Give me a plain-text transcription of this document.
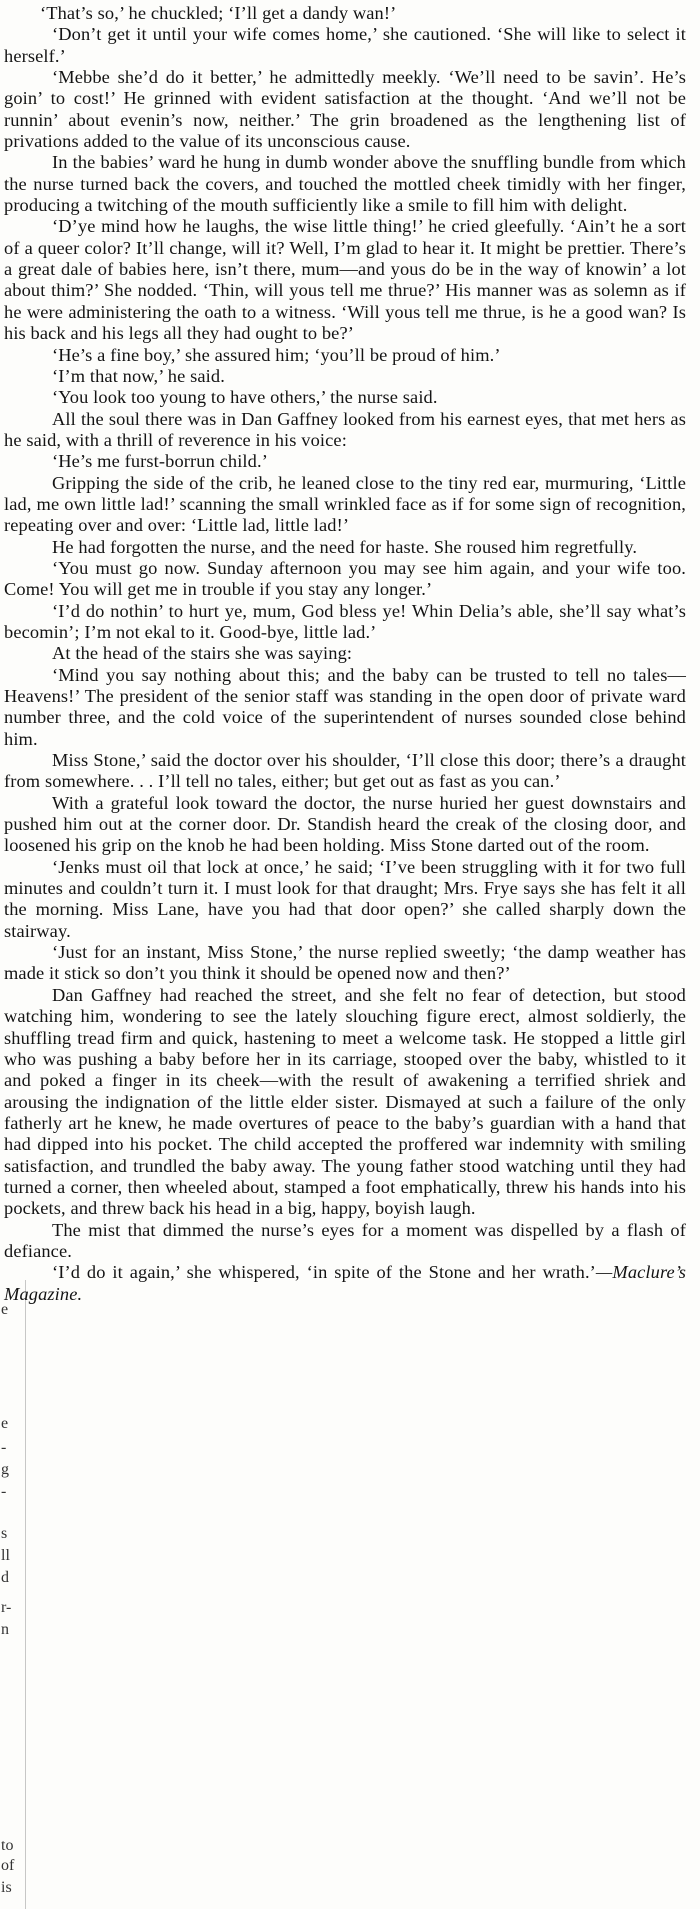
e
e
-
g
-
s
ll
d
r-
n
to
of
is

‘That’s so,’ he chuckled; ‘I’ll get a dandy wan!’

‘Don’t get it until your wife comes home,’ she cautioned. ‘She will like to select it herself.’

‘Mebbe she’d do it better,’ he admittedly meekly. ‘We’ll need to be savin’. He’s goin’ to cost!’ He grinned with evident satisfaction at the thought. ‘And we’ll not be runnin’ about evenin’s now, neither.’ The grin broadened as the lengthening list of privations added to the value of its unconscious cause.

In the babies’ ward he hung in dumb wonder above the snuffling bundle from which the nurse turned back the covers, and touched the mottled cheek timidly with her finger, producing a twitching of the mouth sufficiently like a smile to fill him with delight.

‘D’ye mind how he laughs, the wise little thing!’ he cried gleefully. ‘Ain’t he a sort of a queer color? It’ll change, will it? Well, I’m glad to hear it. It might be prettier. There’s a great dale of babies here, isn’t there, mum—and yous do be in the way of knowin’ a lot about thim?’ She nodded. ‘Thin, will yous tell me thrue?’ His manner was as solemn as if he were administering the oath to a witness. ‘Will yous tell me thrue, is he a good wan? Is his back and his legs all they had ought to be?’

‘He’s a fine boy,’ she assured him; ‘you’ll be proud of him.’

‘I’m that now,’ he said.

‘You look too young to have others,’ the nurse said.

All the soul there was in Dan Gaffney looked from his earnest eyes, that met hers as he said, with a thrill of reverence in his voice:

‘He’s me furst-borrun child.’

Gripping the side of the crib, he leaned close to the tiny red ear, murmuring, ‘Little lad, me own little lad!’ scanning the small wrinkled face as if for some sign of recognition, repeating over and over: ‘Little lad, little lad!’

He had forgotten the nurse, and the need for haste. She roused him regretfully.

‘You must go now. Sunday afternoon you may see him again, and your wife too. Come! You will get me in trouble if you stay any longer.’

‘I’d do nothin’ to hurt ye, mum, God bless ye! Whin Delia’s able, she’ll say what’s becomin’; I’m not ekal to it. Good-bye, little lad.’

At the head of the stairs she was saying:

‘Mind you say nothing about this; and the baby can be trusted to tell no tales—Heavens!’ The president of the senior staff was standing in the open door of private ward number three, and the cold voice of the superintendent of nurses sounded close behind him.

Miss Stone,’ said the doctor over his shoulder, ‘I’ll close this door; there’s a draught from somewhere. . . I’ll tell no tales, either; but get out as fast as you can.’

With a grateful look toward the doctor, the nurse huried her guest downstairs and pushed him out at the corner door. Dr. Standish heard the creak of the closing door, and loosened his grip on the knob he had been holding. Miss Stone darted out of the room.

‘Jenks must oil that lock at once,’ he said; ‘I’ve been struggling with it for two full minutes and couldn’t turn it. I must look for that draught; Mrs. Frye says she has felt it all the morning. Miss Lane, have you had that door open?’ she called sharply down the stairway.

‘Just for an instant, Miss Stone,’ the nurse replied sweetly; ‘the damp weather has made it stick so don’t you think it should be opened now and then?’

Dan Gaffney had reached the street, and she felt no fear of detection, but stood watching him, wondering to see the lately slouching figure erect, almost soldierly, the shuffling tread firm and quick, hastening to meet a welcome task. He stopped a little girl who was pushing a baby before her in its carriage, stooped over the baby, whistled to it and poked a finger in its cheek—with the result of awakening a terrified shriek and arousing the indignation of the little elder sister. Dismayed at such a failure of the only fatherly art he knew, he made overtures of peace to the baby’s guardian with a hand that had dipped into his pocket. The child accepted the proffered war indemnity with smiling satisfaction, and trundled the baby away. The young father stood watching until they had turned a corner, then wheeled about, stamped a foot emphatically, threw his hands into his pockets, and threw back his head in a big, happy, boyish laugh.

The mist that dimmed the nurse’s eyes for a moment was dispelled by a flash of defiance.

‘I’d do it again,’ she whispered, ‘in spite of the Stone and her wrath.’—Maclure’s Magazine.
